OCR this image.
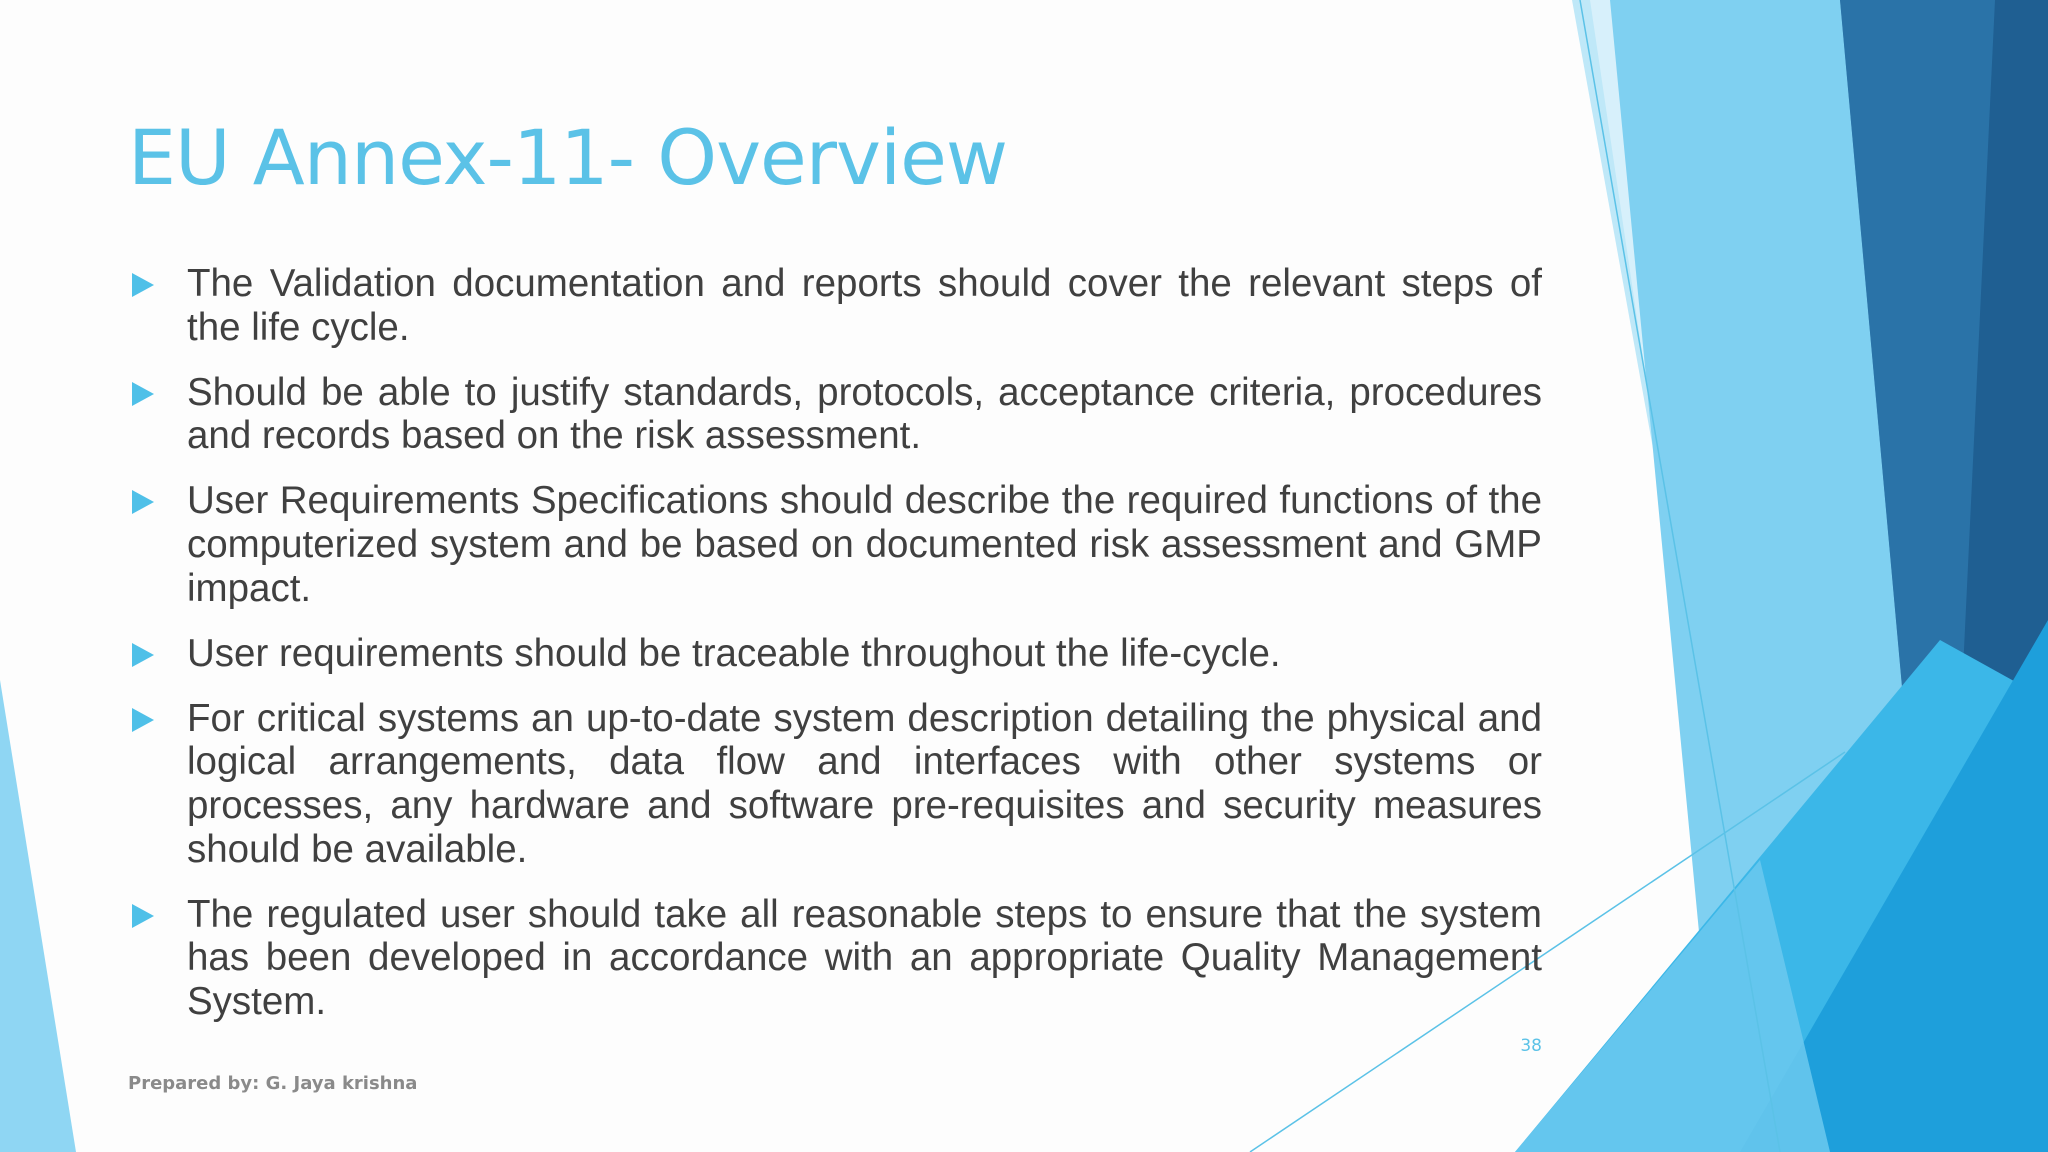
EU Annex-11- Overview
The Validation documentation and reports should cover the relevant steps of the life cycle.
Should be able to justify standards, protocols, acceptance criteria, procedures and records based on the risk assessment.
User Requirements Specifications should describe the required functions of the computerized system and be based on documented risk assessment and GMP impact.
User requirements should be traceable throughout the life-cycle.
For critical systems an up-to-date system description detailing the physical and logical arrangements, data flow and interfaces with other systems or processes, any hardware and software pre-requisites and security measures should be available.
The regulated user should take all reasonable steps to ensure that the system has been developed in accordance with an appropriate Quality Management System.
38
Prepared by: G. Jaya krishna
